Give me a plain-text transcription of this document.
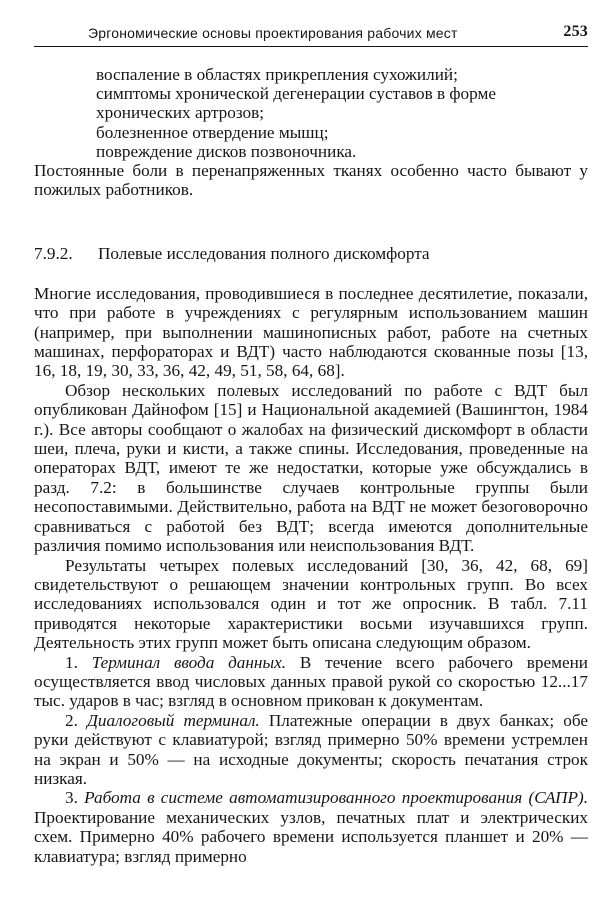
Эргономические основы проектирования рабочих мест	253

воспаление в областях прикрепления сухожилий;

симптомы хронической дегенерации суставов в форме

хронических артрозов;

болезненное отвердение мышц;

повреждение дисков позвоночника.

Постоянные боли в перенапряженных тканях особенно часто бывают у пожилых работников.

7.9.2. Полевые исследования полного дискомфорта

Многие исследования, проводившиеся в последнее десятилетие, показали, что при работе в учреждениях с регулярным использованием машин (например, при выполнении машинописных работ, работе на счетных машинах, перфораторах и ВДТ) часто наблюдаются скованные позы [13, 16, 18, 19, 30, 33, 36, 42, 49, 51, 58, 64, 68].

Обзор нескольких полевых исследований по работе с ВДТ был опубликован Дайнофом [15] и Национальной академией (Вашингтон, 1984 г.). Все авторы сообщают о жалобах на физический дискомфорт в области шеи, плеча, руки и кисти, а также спины. Исследования, проведенные на операторах ВДТ, имеют те же недостатки, которые уже обсуждались в разд. 7.2: в большинстве случаев контрольные группы были несопоставимыми. Действительно, работа на ВДТ не может безоговорочно сравниваться с работой без ВДТ; всегда имеются дополнительные различия помимо использования или неиспользования ВДТ.

Результаты четырех полевых исследований [30, 36, 42, 68, 69] свидетельствуют о решающем значении контрольных групп. Во всех исследованиях использовался один и тот же опросник. В табл. 7.11 приводятся некоторые характеристики восьми изучавшихся групп. Деятельность этих групп может быть описана следующим образом.

1. Терминал ввода данных. В течение всего рабочего времени осуществляется ввод числовых данных правой рукой со скоростью 12...17 тыс. ударов в час; взгляд в основном прикован к документам.

2. Диалоговый терминал. Платежные операции в двух банках; обе руки действуют с клавиатурой; взгляд примерно 50% времени устремлен на экран и 50% — на исходные документы; скорость печатания строк низкая.

3. Работа в системе автоматизированного проектирования (САПР). Проектирование механических узлов, печатных плат и электрических схем. Примерно 40% рабочего времени используется планшет и 20% — клавиатура; взгляд примерно
